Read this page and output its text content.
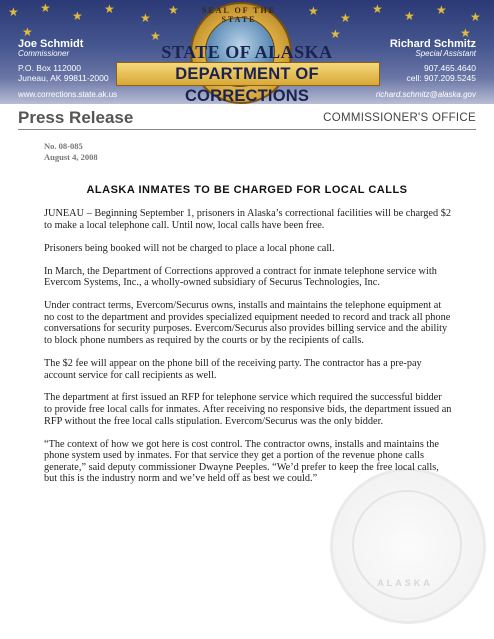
★ ★
★ ★
★
★	★ ★
★ ★ ★ ★
★	★	★	★
Joe Schmidt
Commissioner
P.O. Box 112000
Juneau, AK 99811-2000
www.corrections.state.ak.us
Richard Schmitz
Special Assistant
907.465.4640
cell: 907.209.5245
richard.schmitz@alaska.gov
SEAL OF THE STATE
STATE OF ALASKA
DEPARTMENT OF CORRECTIONS
Press Release	COMMISSIONER'S OFFICE
No. 08-085
August 4, 2008
ALASKA
ALASKA INMATES TO BE CHARGED FOR LOCAL CALLS

JUNEAU – Beginning September 1, prisoners in Alaska’s correctional facilities will be charged $2 to make a local telephone call. Until now, local calls have been free.

Prisoners being booked will not be charged to place a local phone call.

In March, the Department of Corrections approved a contract for inmate telephone service with Evercom Systems, Inc., a wholly-owned subsidiary of Securus Technologies, Inc.

Under contract terms, Evercom/Securus owns, installs and maintains the telephone equipment at no cost to the department and provides specialized equipment needed to record and track all phone conversations for security purposes. Evercom/Securus also provides billing service and the ability to block phone numbers as required by the courts or by the recipients of calls.

The $2 fee will appear on the phone bill of the receiving party. The contractor has a pre-pay account service for call recipients as well.

The department at first issued an RFP for telephone service which required the successful bidder to provide free local calls for inmates. After receiving no responsive bids, the department issued an RFP without the free local calls stipulation. Evercom/Securus was the only bidder.

“The context of how we got here is cost control. The contractor owns, installs and maintains the phone system used by inmates. For that service they get a portion of the revenue phone calls generate,” said deputy commissioner Dwayne Peeples. “We’d prefer to keep the free local calls, but this is the industry norm and we’ve held off as best we could.”
